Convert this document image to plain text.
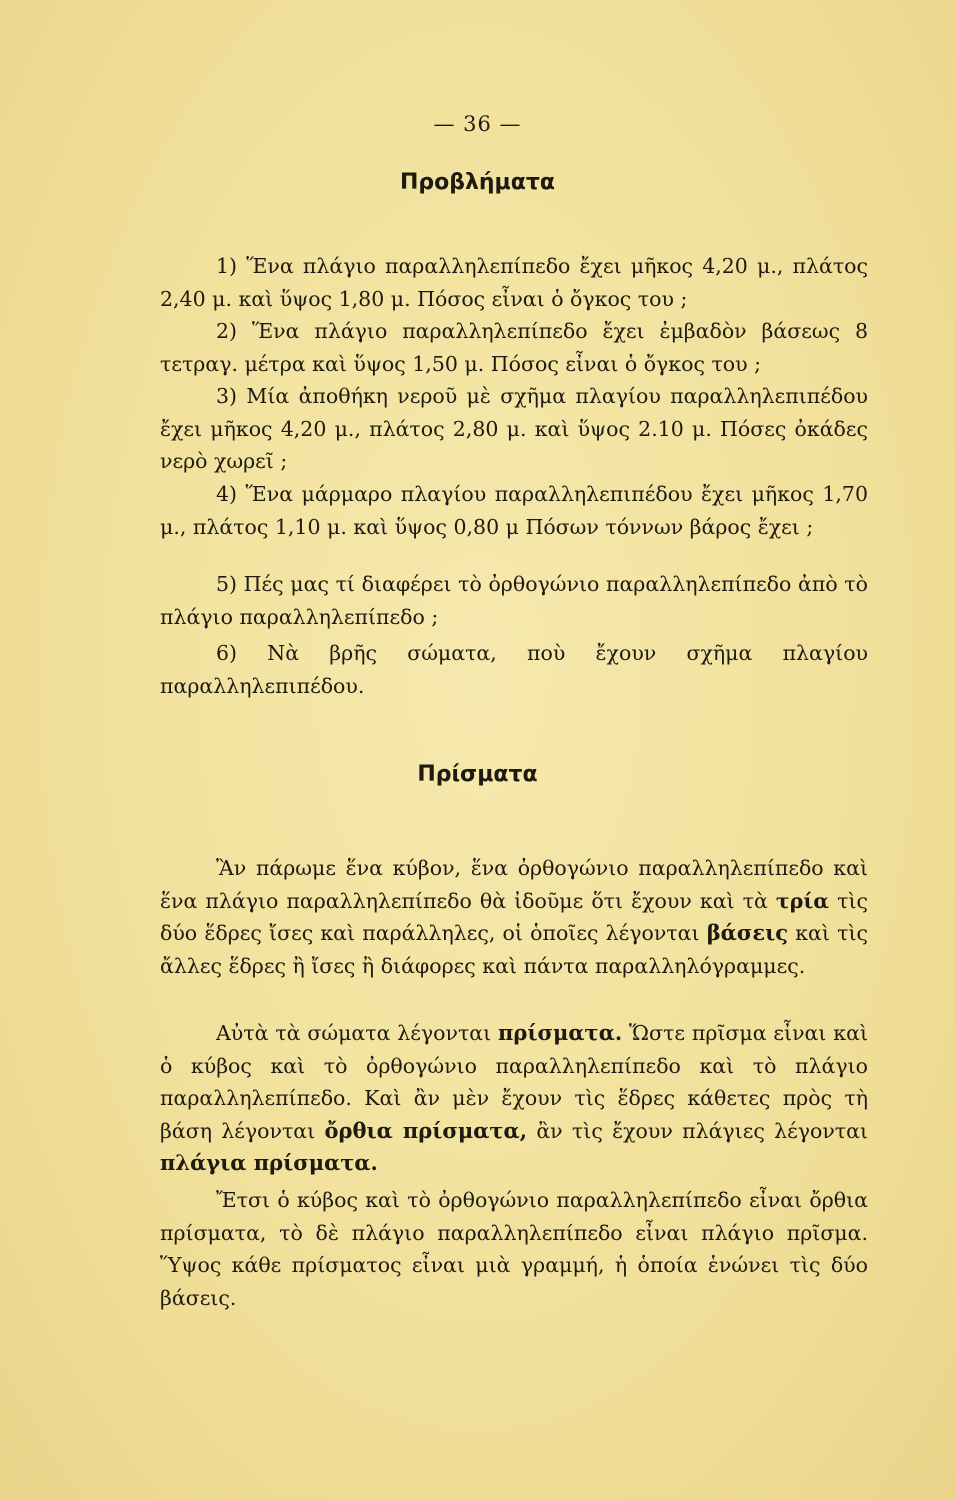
— 36 —
Προβλήματα

1) Ἕνα πλάγιο παραλληλεπίπεδο ἔχει μῆκος 4,20 μ., πλάτος 2,40 μ. καὶ ὕψος 1,80 μ. Πόσος εἶναι ὁ ὄγκος του ;

2) Ἕνα πλάγιο παραλληλεπίπεδο ἔχει ἐμβαδὸν βάσεως 8 τετραγ. μέτρα καὶ ὕψος 1,50 μ. Πόσος εἶναι ὁ ὄγκος του ;

3) Μία ἀποθήκη νεροῦ μὲ σχῆμα πλαγίου παραλληλεπιπέδου ἔχει μῆκος 4,20 μ., πλάτος 2,80 μ. καὶ ὕψος 2.10 μ. Πόσες ὀκάδες νερὸ χωρεῖ ;

4) Ἕνα μάρμαρο πλαγίου παραλληλεπιπέδου ἔχει μῆκος 1,70 μ., πλάτος 1,10 μ. καὶ ὕψος 0,80 μ Πόσων τόννων βάρος ἔχει ;

5) Πές μας τί διαφέρει τὸ ὀρθογώνιο παραλληλεπίπεδο ἀπὸ τὸ πλάγιο παραλληλεπίπεδο ;

6) Νὰ βρῆς σώματα, ποὺ ἔχουν σχῆμα πλαγίου παραλληλεπιπέδου.

Πρίσματα

Ἂν πάρωμε ἕνα κύβον, ἕνα ὀρθογώνιο παραλληλεπίπεδο καὶ ἕνα πλάγιο παραλληλεπίπεδο θὰ ἰδοῦμε ὅτι ἔχουν καὶ τὰ τρία τὶς δύο ἕδρες ἴσες καὶ παράλληλες, οἱ ὁποῖες λέγονται βάσεις καὶ τὶς ἄλλες ἕδρες ἢ ἴσες ἢ διάφορες καὶ πάντα παραλληλόγραμμες.

Αὐτὰ τὰ σώματα λέγονται πρίσματα. Ὥστε πρῖσμα εἶναι καὶ ὁ κύβος καὶ τὸ ὀρθογώνιο παραλληλεπίπεδο καὶ τὸ πλάγιο παραλληλεπίπεδο. Καὶ ἂν μὲν ἔχουν τὶς ἕδρες κάθετες πρὸς τὴ βάση λέγονται ὄρθια πρίσματα, ἂν τὶς ἔχουν πλάγιες λέγονται πλάγια πρίσματα.

Ἔτσι ὁ κύβος καὶ τὸ ὀρθογώνιο παραλληλεπίπεδο εἶναι ὄρθια πρίσματα, τὸ δὲ πλάγιο παραλληλεπίπεδο εἶναι πλάγιο πρῖσμα. Ὕψος κάθε πρίσματος εἶναι μιὰ γραμμή, ἡ ὁποία ἑνώνει τὶς δύο βάσεις.
